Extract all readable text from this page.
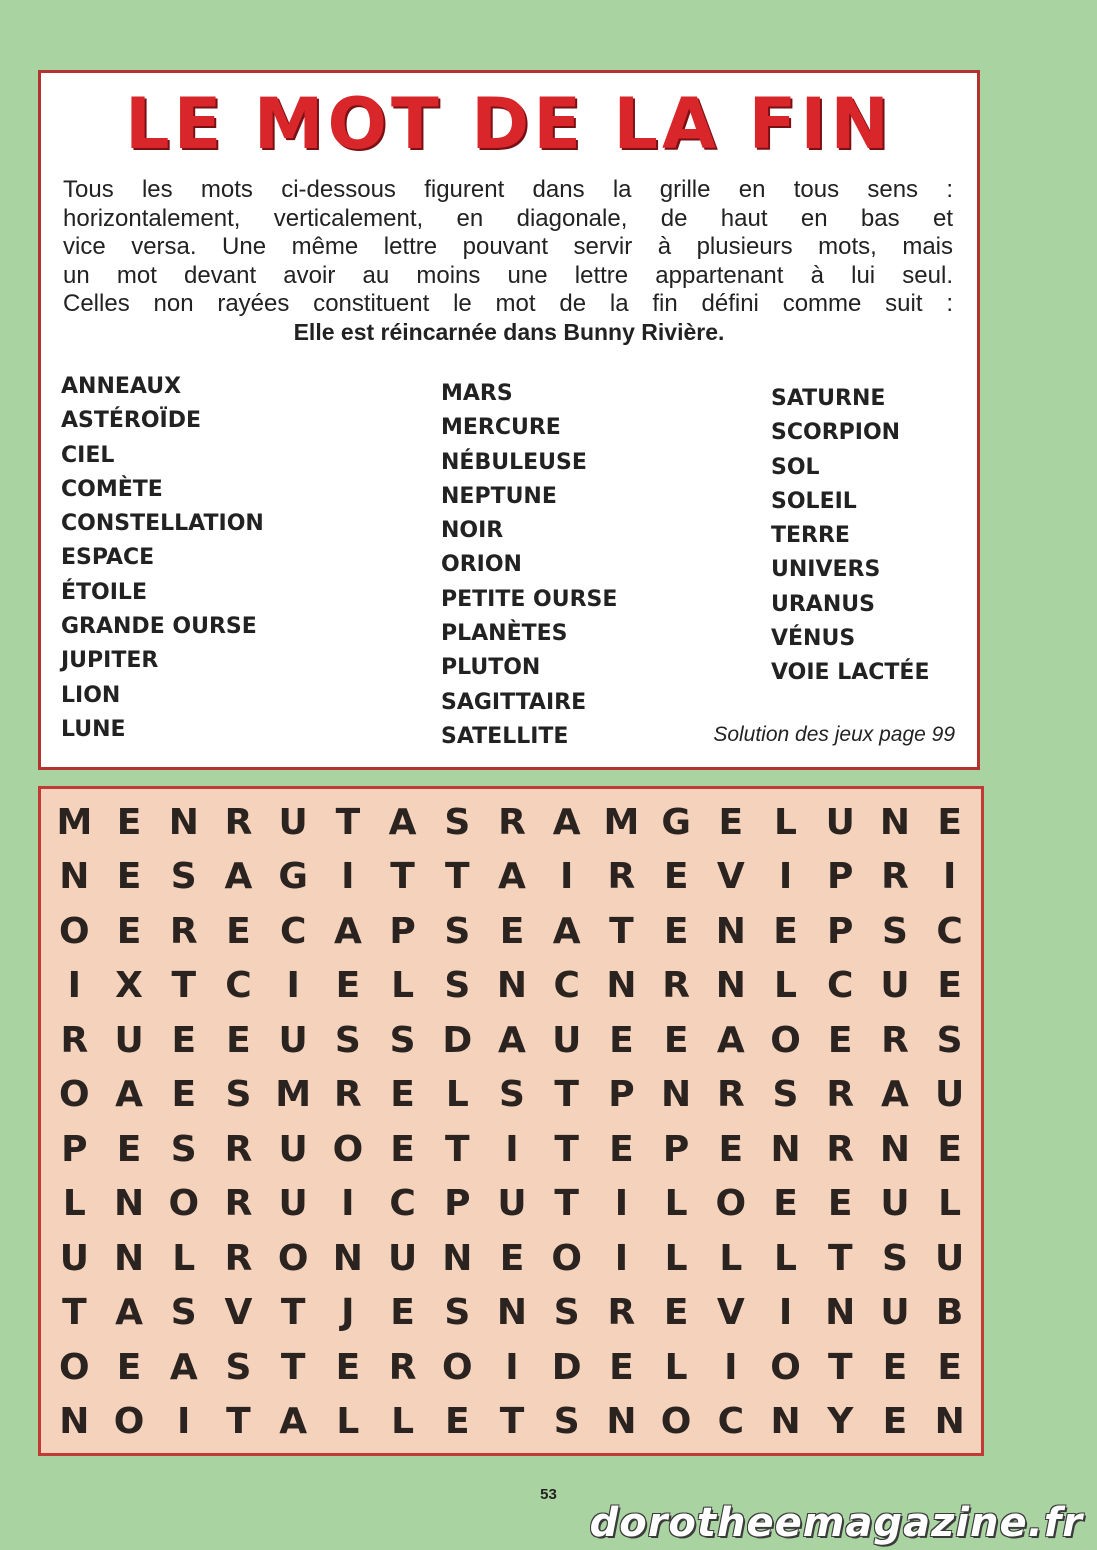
LE MOT DE LA FIN
Tous les mots ci-dessous figurent dans la grille en tous sens :
horizontalement, verticalement, en diagonale, de haut en bas et
vice versa. Une même lettre pouvant servir à plusieurs mots, mais
un mot devant avoir au moins une lettre appartenant à lui seul.
Celles non rayées constituent le mot de la fin défini comme suit :
Elle est réincarnée dans Bunny Rivière.
ANNEAUX
ASTÉROÏDE
CIEL
COMÈTE
CONSTELLATION
ESPACE
ÉTOILE
GRANDE OURSE
JUPITER
LION
LUNE
MARS
MERCURE
NÉBULEUSE
NEPTUNE
NOIR
ORION
PETITE OURSE
PLANÈTES
PLUTON
SAGITTAIRE
SATELLITE
SATURNE
SCORPION
SOL
SOLEIL
TERRE
UNIVERS
URANUS
VÉNUS
VOIE LACTÉE
Solution des jeux page 99
M E N R U T A S R A M G E L U N E
N E S A G I T T A I R E V I P R I
O E R E C A P S E A T E N E P S C
I X T C I E L S N C N R N L C U E
R U E E U S S D A U E E A O E R S
O A E S M R E L S T P N R S R A U
P E S R U O E T I T E P E N R N E
L N O R U I C P U T I	L O E E U L
U N L R O N U N E O I	L L L T S U
T A S V T J E S N S R E V I N U B
O E A S T E R O I D E L	I O T E E
N O I T A L L E T S N O C N Y E N
53
dorotheemagazine.fr
